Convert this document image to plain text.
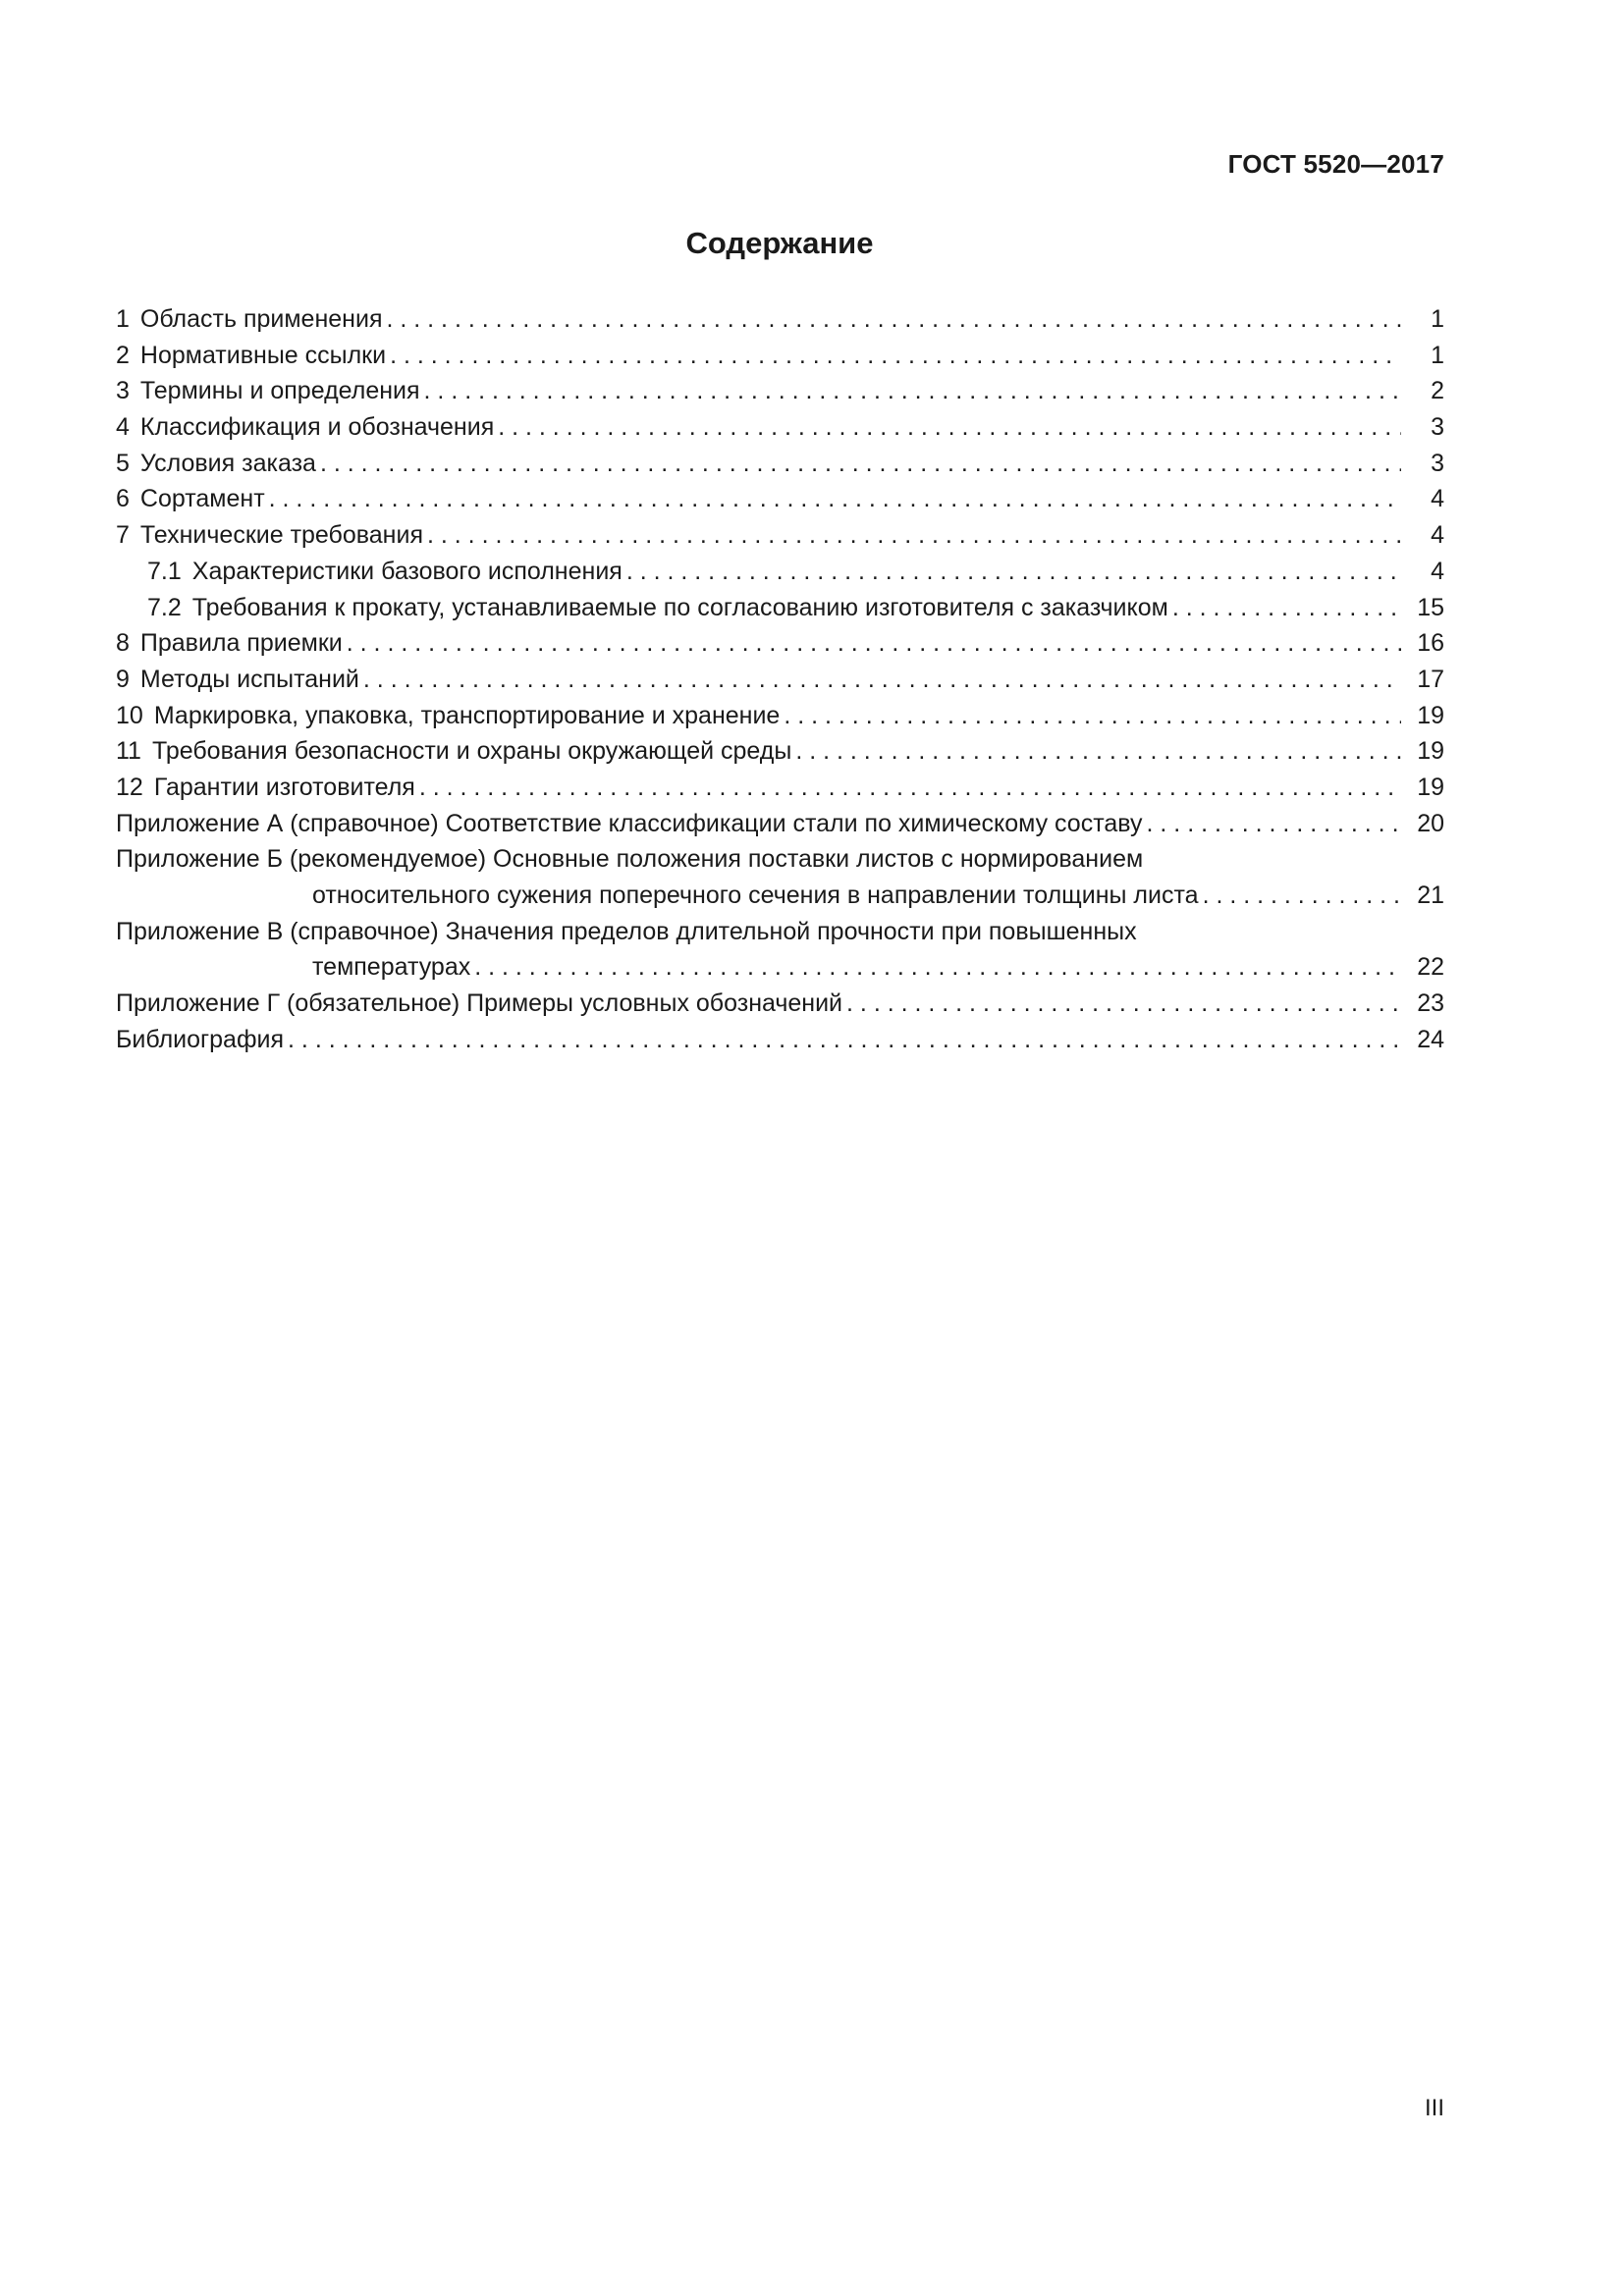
ГОСТ 5520—2017
Содержание
1 Область применения . . .	1
2 Нормативные ссылки . . .	1
3 Термины и определения . . .	2
4 Классификация и обозначения . . .	3
5 Условия заказа . . .	3
6 Сортамент . . .	4
7 Технические требования . . .	4
7.1 Характеристики базового исполнения . . .	4
7.2 Требования к прокату, устанавливаемые по согласованию изготовителя с заказчиком . . .	15
8 Правила приемки . . .	16
9 Методы испытаний . . .	17
10 Маркировка, упаковка, транспортирование и хранение . . .	19
11 Требования безопасности и охраны окружающей среды . . .	19
12 Гарантии изготовителя . . .	19
Приложение А (справочное) Соответствие классификации стали по химическому составу . . .	20
Приложение Б (рекомендуемое) Основные положения поставки листов с нормированием
относительного сужения поперечного сечения в направлении толщины листа . . .	21
Приложение В (справочное) Значения пределов длительной прочности при повышенных
температурах . . .	22
Приложение Г (обязательное) Примеры условных обозначений . . .	23
Библиография . . .	24
III
